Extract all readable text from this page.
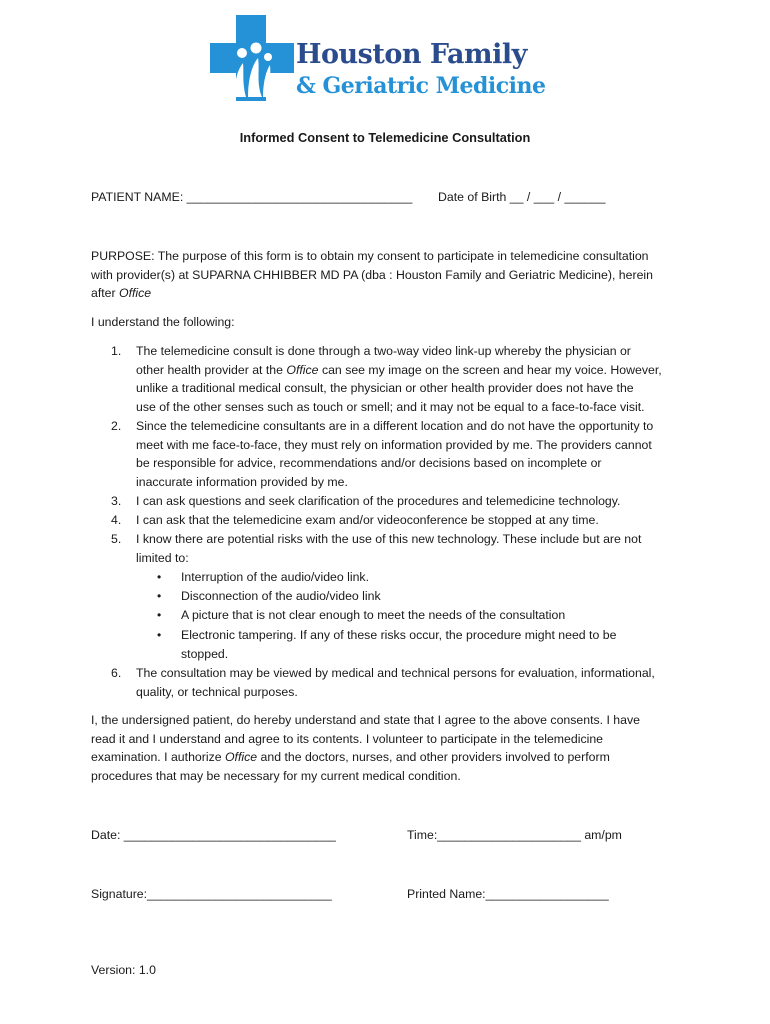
Houston Family
& Geriatric Medicine
Informed Consent to Telemedicine Consultation
PATIENT NAME: _________________________________ Date of Birth __ / ___ / ______
PURPOSE: The purpose of this form is to obtain my consent to participate in telemedicine consultation
with provider(s) at SUPARNA CHHIBBER MD PA (dba : Houston Family and Geriatric Medicine), herein
after Office
I understand the following:
1. The telemedicine consult is done through a two-way video link-up whereby the physician or
other health provider at the Office can see my image on the screen and hear my voice. However,
unlike a traditional medical consult, the physician or other health provider does not have the
use of the other senses such as touch or smell; and it may not be equal to a face-to-face visit.
2. Since the telemedicine consultants are in a different location and do not have the opportunity to
meet with me face-to-face, they must rely on information provided by me. The providers cannot
be responsible for advice, recommendations and/or decisions based on incomplete or
inaccurate information provided by me.
3. I can ask questions and seek clarification of the procedures and telemedicine technology.
4. I can ask that the telemedicine exam and/or videoconference be stopped at any time.
5. I know there are potential risks with the use of this new technology. These include but are not
limited to:
• Interruption of the audio/video link.
• Disconnection of the audio/video link
• A picture that is not clear enough to meet the needs of the consultation
• Electronic tampering. If any of these risks occur, the procedure might need to be
stopped.
6. The consultation may be viewed by medical and technical persons for evaluation, informational,
quality, or technical purposes.
I, the undersigned patient, do hereby understand and state that I agree to the above consents. I have
read it and I understand and agree to its contents. I volunteer to participate in the telemedicine
examination. I authorize Office and the doctors, nurses, and other providers involved to perform
procedures that may be necessary for my current medical condition.
Date: _______________________________	Time:_____________________ am/pm
Signature:___________________________	Printed Name:__________________
Version: 1.0
